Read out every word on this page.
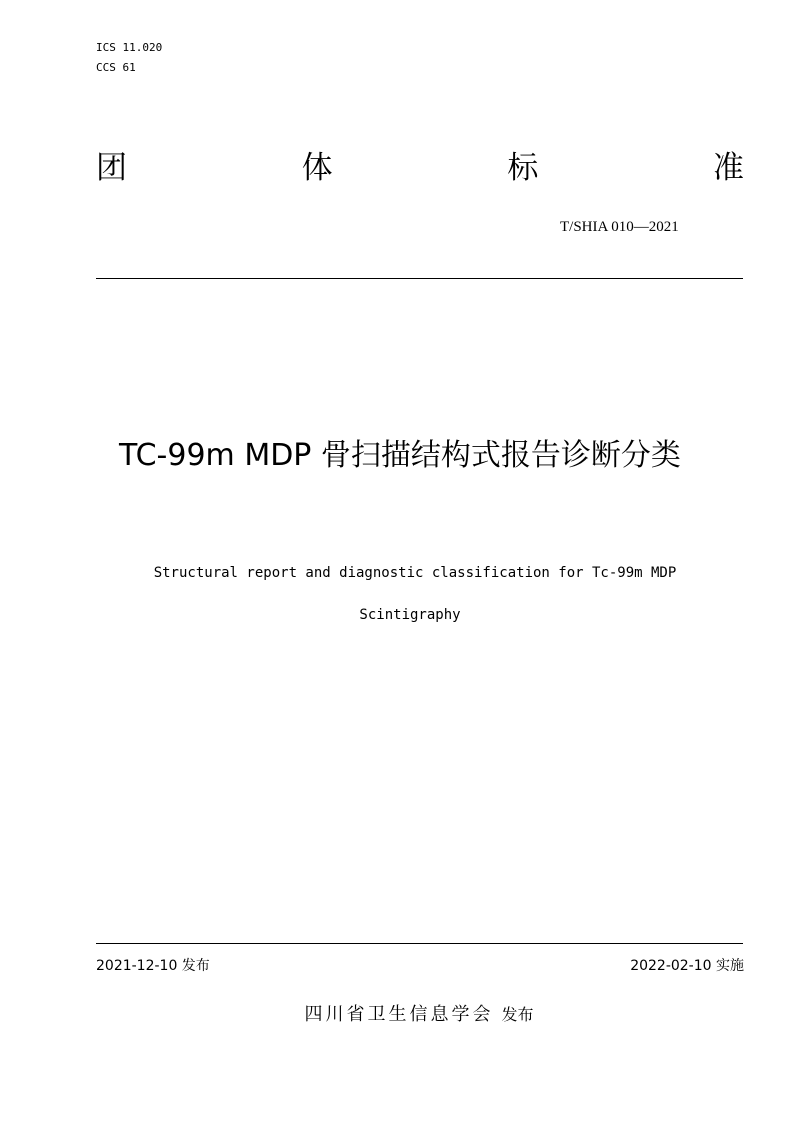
ICS 11.020
CCS 61
团	体	标	准
T/SHIA 010—2021
TC-99m MDP 骨扫描结构式报告诊断分类
Structural report and diagnostic classification for Tc-99m MDP
Scintigraphy
2021-12-10 发布	2022-02-10 实施
四川省卫生信息学会 发布
